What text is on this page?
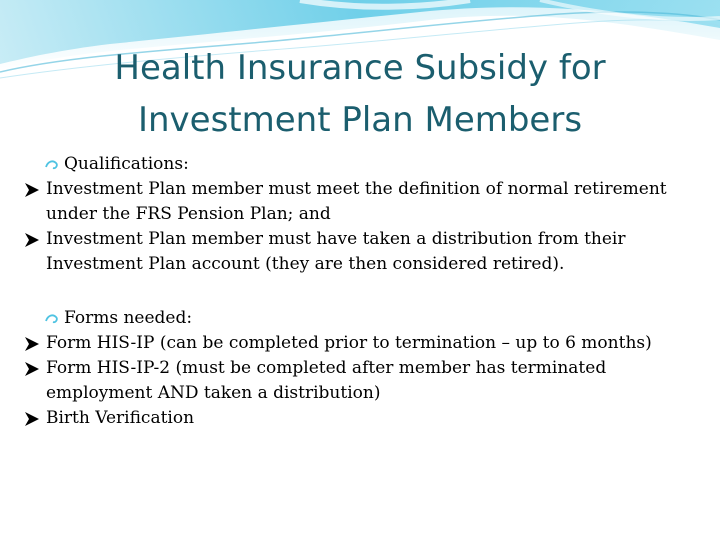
Health Insurance Subsidy for
Investment Plan Members
Qualifications:
Investment Plan member must meet the definition of normal retirement under the FRS Pension Plan; and
Investment Plan member must have taken a distribution from their Investment Plan account (they are then considered retired).
Forms needed:
Form HIS-IP (can be completed prior to termination – up to 6 months)
Form HIS-IP-2 (must be completed after member has terminated employment AND taken a distribution)
Birth Verification
